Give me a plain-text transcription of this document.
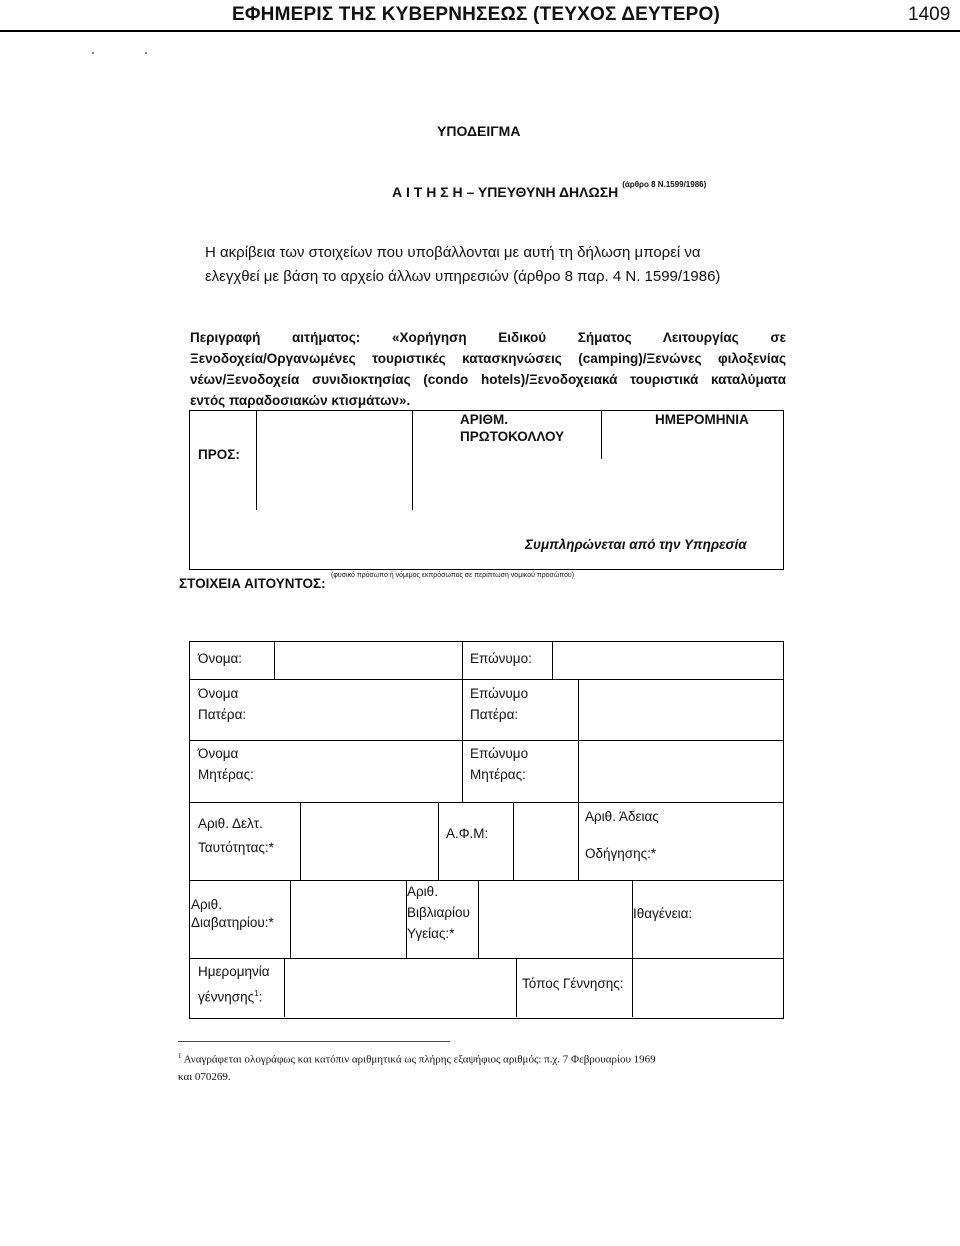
ΕΦΗΜΕΡΙΣ ΤΗΣ ΚΥΒΕΡΝΗΣΕΩΣ (ΤΕΥΧΟΣ ΔΕΥΤΕΡΟ)	1409
ΥΠΟΔΕΙΓΜΑ
Α Ι Τ Η Σ Η – ΥΠΕΥΘΥΝΗ ΔΗΛΩΣΗ $^{(ά\rho\theta\rho o 8 N.1599/1986)}$
Η ακρίβεια των στοιχείων που υποβάλλονται με αυτή τη δήλωση μπορεί να
ελεγχθεί με βάση το αρχείο άλλων υπηρεσιών (άρθρο 8 παρ. 4 Ν. 1599/1986)

Περιγραφή αιτήματος: «Χορήγηση Ειδικού Σήματος Λειτουργίας σε

Ξενοδοχεία/Οργανωμένες τουριστικές κατασκηνώσεις (camping)/Ξενώνες φιλοξενίας

νέων/Ξενοδοχεία συνιδιοκτησίας (condo hotels)/Ξενοδοχειακά τουριστικά καταλύματα

εντός παραδοσιακών κτισμάτων».

ΠΡΟΣ:
ΑΡΙΘΜ.
ΠΡΩΤΟΚΟΛΛΟΥ
ΗΜΕΡΟΜΗΝΙΑ
Συμπληρώνεται από την Υπηρεσία
ΣΤΟΙΧΕΙΑ ΑΙΤΟΥΝΤΟΣ:
(φυσικό πρόσωπο ή νόμιμος εκπρόσωπος σε περίπτωση νομικού προσώπου)
Όνομα:	Επώνυμο:
Όνομα
Πατέρα:
Επώνυμο
Πατέρα:
Όνομα
Μητέρας:
Επώνυμο
Μητέρας:
Αριθ. Δελτ.
Ταυτότητας:*
Α.Φ.Μ:
Αριθ. Άδειας
Οδήγησης:*
Αριθ.
Διαβατηρίου:*
Αριθ.
Βιβλιαρίου
Υγείας:*
Ιθαγένεια:
Ημερομηνία
γέννησης$^1$:
Τόπος Γέννησης:
$^1$ Αναγράφεται ολογράφως και κατόπιν αριθμητικά ως πλήρης εξαψήφιος αριθμός: π.χ. 7 Φεβρουαρίου 1969
και 070269.
